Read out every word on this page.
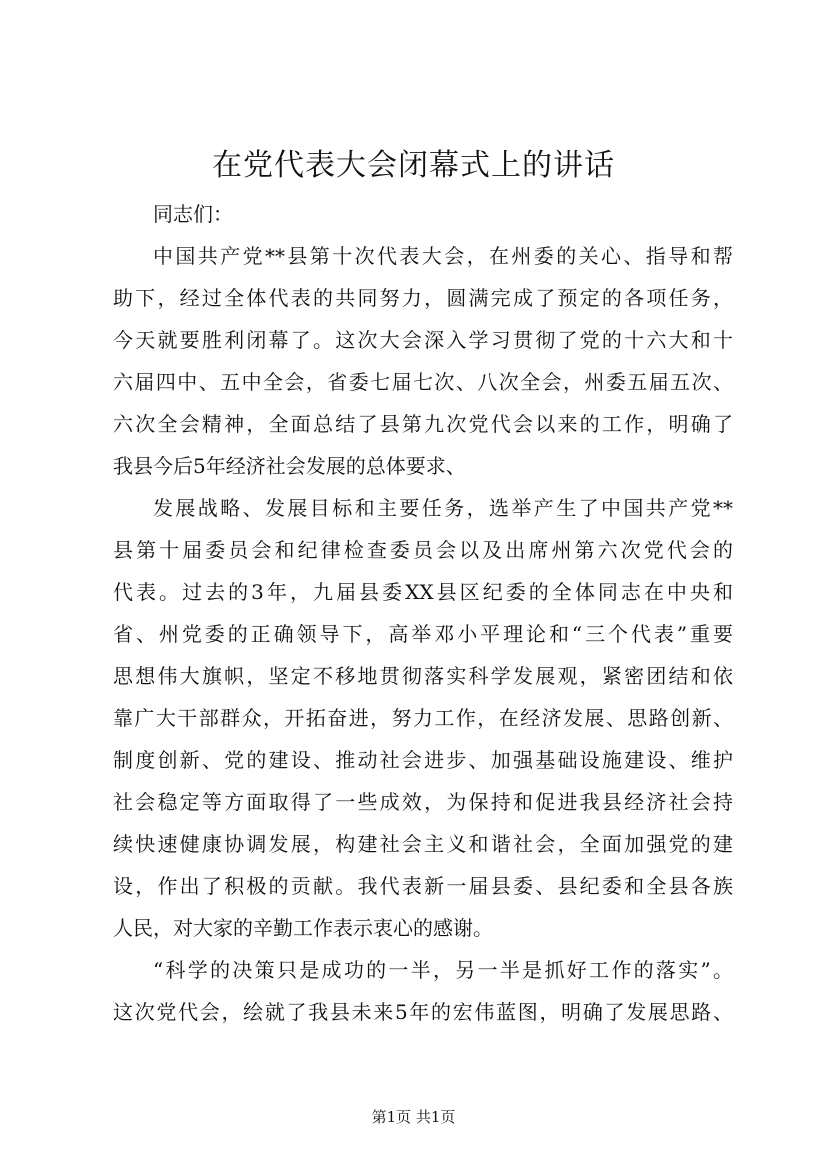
在党代表大会闭幕式上的讲话
同志们：
中国共产党**县第十次代表大会，在州委的关心、指导和帮
助下，经过全体代表的共同努力，圆满完成了预定的各项任务，
今天就要胜利闭幕了。这次大会深入学习贯彻了党的十六大和十
六届四中、五中全会，省委七届七次、八次全会，州委五届五次、
六次全会精神，全面总结了县第九次党代会以来的工作，明确了
我县今后5年经济社会发展的总体要求、
发展战略、发展目标和主要任务，选举产生了中国共产党**
县第十届委员会和纪律检查委员会以及出席州第六次党代会的
代表。过去的3年，九届县委XX县区纪委的全体同志在中央和
省、州党委的正确领导下，高举邓小平理论和“三个代表”重要
思想伟大旗帜，坚定不移地贯彻落实科学发展观，紧密团结和依
靠广大干部群众，开拓奋进，努力工作，在经济发展、思路创新、
制度创新、党的建设、推动社会进步、加强基础设施建设、维护
社会稳定等方面取得了一些成效，为保持和促进我县经济社会持
续快速健康协调发展，构建社会主义和谐社会，全面加强党的建
设，作出了积极的贡献。我代表新一届县委、县纪委和全县各族
人民，对大家的辛勤工作表示衷心的感谢。
“科学的决策只是成功的一半，另一半是抓好工作的落实”。
这次党代会，绘就了我县未来5年的宏伟蓝图，明确了发展思路、
第1页 共1页
